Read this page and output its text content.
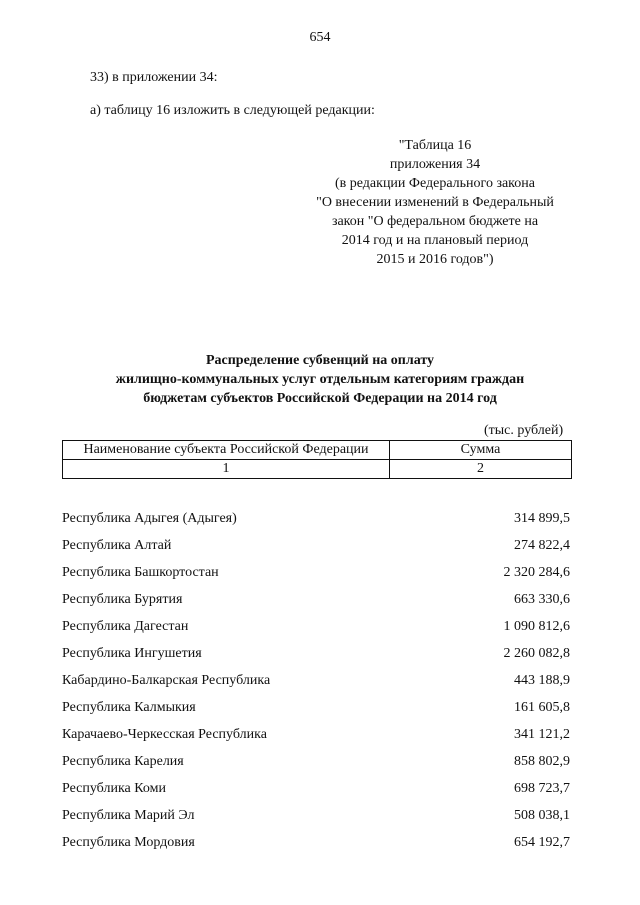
654
33) в приложении 34:
а) таблицу 16 изложить в следующей редакции:
"Таблица 16
приложения 34
(в редакции Федерального закона
"О внесении изменений в Федеральный
закон "О федеральном бюджете на
2014 год и на плановый период
2015 и 2016 годов")
Распределение субвенций на оплату
жилищно-коммунальных услуг отдельным категориям граждан
бюджетам субъектов Российской Федерации на 2014 год
(тыс. рублей)
Наименование субъекта Российской Федерации	Сумма
1	2
Республика Адыгея (Адыгея)	314 899,5
Республика Алтай	274 822,4
Республика Башкортостан	2 320 284,6
Республика Бурятия	663 330,6
Республика Дагестан	1 090 812,6
Республика Ингушетия	2 260 082,8
Кабардино-Балкарская Республика	443 188,9
Республика Калмыкия	161 605,8
Карачаево-Черкесская Республика	341 121,2
Республика Карелия	858 802,9
Республика Коми	698 723,7
Республика Марий Эл	508 038,1
Республика Мордовия	654 192,7
